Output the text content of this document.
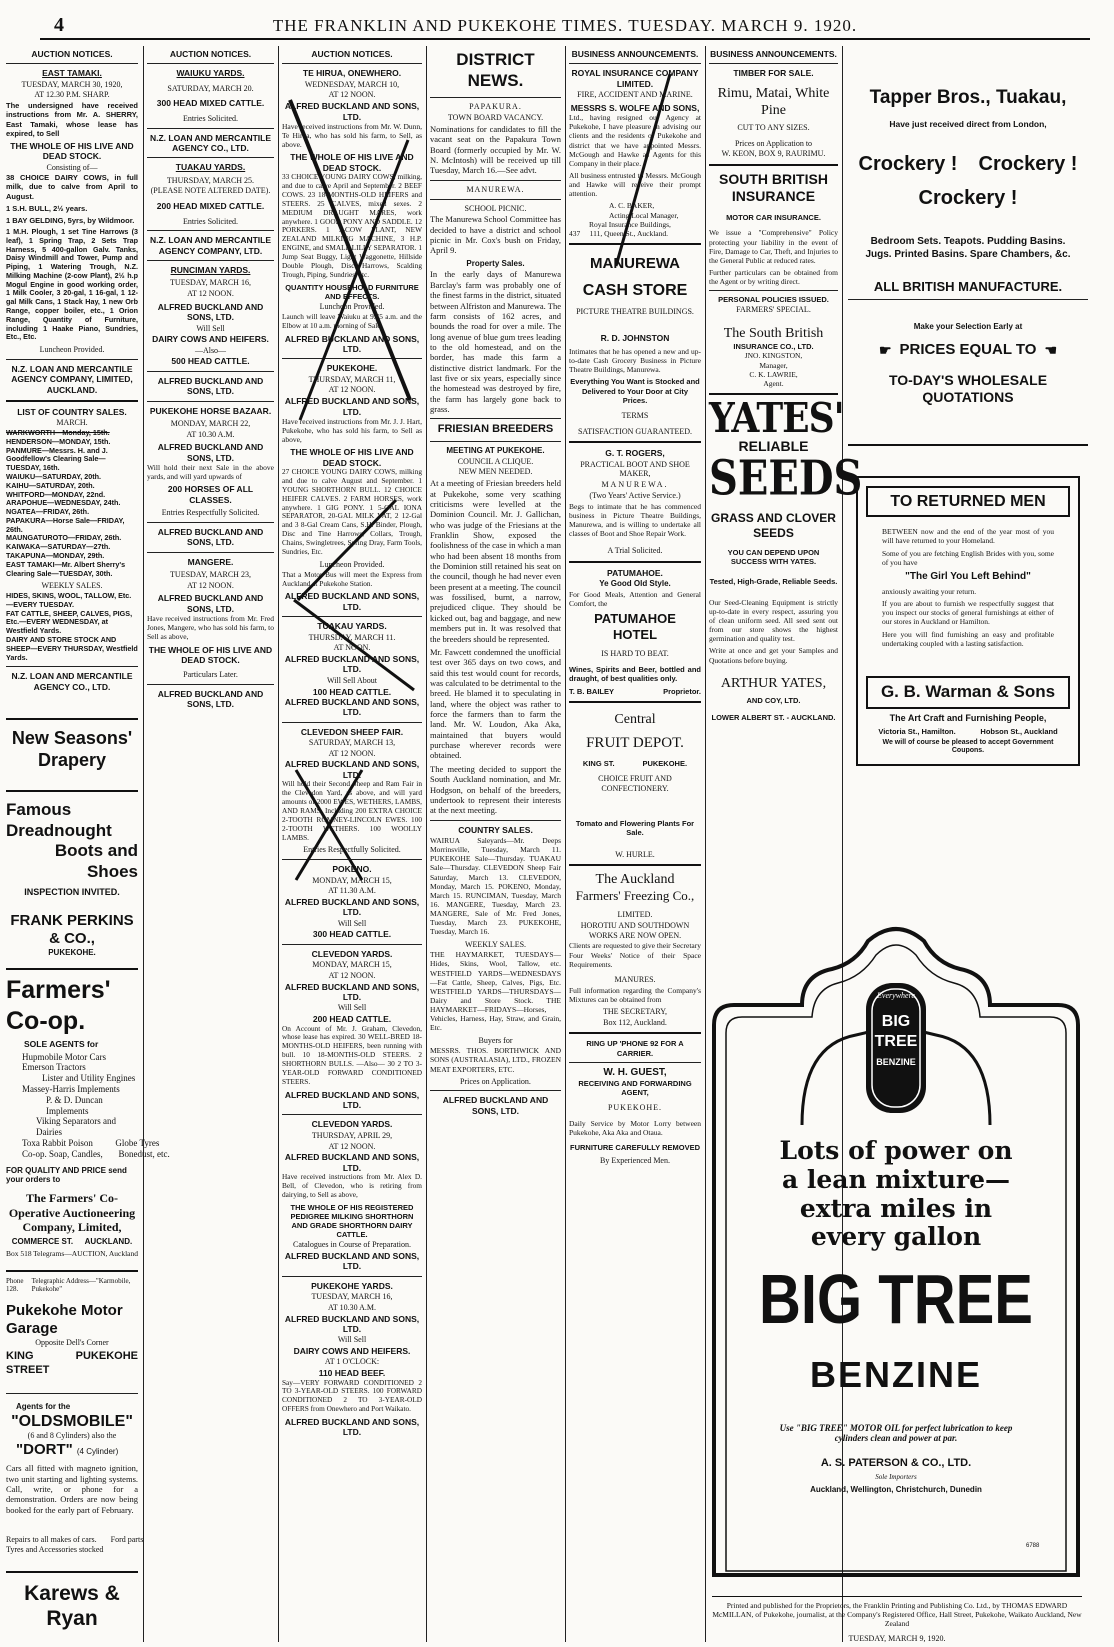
4	THE FRANKLIN AND PUKEKOHE TIMES. TUESDAY. MARCH 9. 1920.
AUCTION NOTICES.
EAST TAMAKI.
TUESDAY, MARCH 30, 1920,
AT 12.30 P.M. SHARP.

The undersigned have received instructions from Mr. A. SHERRY, East Tamaki, whose lease has expired, to Sell

THE WHOLE OF HIS LIVE AND DEAD STOCK.
Consisting of—

38 CHOICE DAIRY COWS, in full milk, due to calve from April to August.

1 S.H. BULL, 2½ years.

1 BAY GELDING, 5yrs, by Wildmoor.

1 M.H. Plough, 1 set Tine Harrows (3 leaf), 1 Spring Trap, 2 Sets Trap Harness, 5 400-gallon Galv. Tanks, Daisy Windmill and Tower, Pump and Piping, 1 Watering Trough, N.Z. Milking Machine (2-cow Plant), 2½ h.p Mogul Engine in good working order, 1 Milk Cooler, 3 20-gal, 1 16-gal, 1 12-gal Milk Cans, 1 Stack Hay, 1 new Orb Range, copper boiler, etc., 1 Orion Range, Quantity of Furniture, including 1 Haake Piano, Sundries, Etc., Etc.

Luncheon Provided.
N.Z. LOAN AND MERCANTILE AGENCY COMPANY, LIMITED, AUCKLAND.
LIST OF COUNTRY SALES.
MARCH.
WARKWORTH—Monday, 15th.
HENDERSON—MONDAY, 15th.
PANMURE—Messrs. H. and J. Goodfellow's Clearing Sale—TUESDAY, 16th.
WAIUKU—SATURDAY, 20th.
KAIHU—SATURDAY, 20th.
WHITFORD—MONDAY, 22nd.
ARAPOHUE—WEDNESDAY, 24th.
NGATEA—FRIDAY, 26th.
PAPAKURA—Horse Sale—FRIDAY, 26th.
MAUNGATUROTO—FRIDAY, 26th.
KAIWAKA—SATURDAY—27th.
TAKAPUNA—MONDAY, 29th.
EAST TAMAKI—Mr. Albert Sherry's Clearing Sale—TUESDAY, 30th.
WEEKLY SALES.
HIDES, SKINS, WOOL, TALLOW, Etc.—EVERY TUESDAY.
FAT CATTLE, SHEEP, CALVES, PIGS, Etc.—EVERY WEDNESDAY, at Westfield Yards.
DAIRY AND STORE STOCK AND SHEEP—EVERY THURSDAY, Westfield Yards.
N.Z. LOAN AND MERCANTILE AGENCY CO., LTD.
New Seasons' Drapery
Famous Dreadnought
Boots and Shoes
INSPECTION INVITED.
FRANK PERKINS & CO.,
PUKEKOHE.
Farmers' Co-op.
SOLE AGENTS for
Hupmobile Motor Cars Emerson Tractors
Lister and Utility Engines
Massey-Harris Implements
P. & D. Duncan Implements
Viking Separators and Dairies
Toxa Rabbit Poison          Globe Tyres
Co-op. Soap, Candles,       Bonedust, etc.
FOR QUALITY AND PRICE send your orders to
The Farmers' Co-Operative Auctioneering Company, Limited,
COMMERCE ST. AUCKLAND.
Box 518 Telegrams—AUCTION, Auckland
Phone 128.
Telegraphic Address—"Karmobile, Pukekohe"
Pukekohe Motor Garage
Opposite Dell's Corner
KING STREET
PUKEKOHE
Agents for the
"OLDSMOBILE"
(6 and 8 Cylinders) also the
"DORT" (4 Cylinder)

Cars all fitted with magneto ignition, two unit starting and lighting systems. Call, write, or phone for a demonstration. Orders are now being booked for the early part of February.

Repairs to all makes of cars.       Ford parts
Tyres and Accessories stocked
Karews & Ryan
AUCTION NOTICES.
WAIUKU YARDS.
SATURDAY, MARCH 20.
300 HEAD MIXED CATTLE.
Entries Solicited.
N.Z. LOAN AND MERCANTILE AGENCY CO., LTD.
TUAKAU YARDS.
THURSDAY, MARCH 25.
(PLEASE NOTE ALTERED DATE).
200 HEAD MIXED CATTLE.
Entries Solicited.
N.Z. LOAN AND MERCANTILE AGENCY COMPANY, LTD.
RUNCIMAN YARDS.
TUESDAY, MARCH 16,
AT 12 NOON.
ALFRED BUCKLAND AND SONS, LTD.
Will Sell
DAIRY COWS AND HEIFERS.
—Also—
500 HEAD CATTLE.
ALFRED BUCKLAND AND SONS, LTD.
PUKEKOHE HORSE BAZAAR.
MONDAY, MARCH 22,
AT 10.30 A.M.
ALFRED BUCKLAND AND SONS, LTD.

Will hold their next Sale in the above yards, and will yard upwards of

200 HORSES OF ALL CLASSES.
Entries Respectfully Solicited.
ALFRED BUCKLAND AND SONS, LTD.
MANGERE.
TUESDAY, MARCH 23,
AT 12 NOON.
ALFRED BUCKLAND AND SONS, LTD.

Have received instructions from Mr. Fred Jones, Mangere, who has sold his farm, to Sell as above,

THE WHOLE OF HIS LIVE AND DEAD STOCK.
Particulars Later.
ALFRED BUCKLAND AND SONS, LTD.
AUCTION NOTICES.
TE HIRUA, ONEWHERO.
WEDNESDAY, MARCH 10,
AT 12 NOON.
ALFRED BUCKLAND AND SONS, LTD.

Have received instructions from Mr. W. Dunn, Te Hirua, who has sold his farm, to Sell, as above.

THE WHOLE OF HIS LIVE AND DEAD STOCK.

33 CHOICE YOUNG DAIRY COWS, milking, and due to calve April and September. 2 BEEF COWS. 23 18-MONTHS-OLD HEIFERS and STEERS. 25 CALVES, mixed sexes. 2 MEDIUM DRAUGHT MARES, work anywhere. 1 GOOD PONY AND SADDLE. 12 PORKERS. 1 3-COW PLANT, NEW ZEALAND MILKING MACHINE, 3 H.P. ENGINE, and SMALL LILLY SEPARATOR. 1 Jump Seat Buggy, Light Waggonette, Hillside Double Plough, Disc Harrows, Scalding Trough, Piping, Sundries, etc.

QUANTITY HOUSEHOLD FURNITURE AND EFFECTS.
Luncheon Provided.

Launch will leave Waiuku at 9.45 a.m. and the Elbow at 10 a.m. morning of Sale.

ALFRED BUCKLAND AND SONS, LTD.
PUKEKOHE.
THURSDAY, MARCH 11,
AT 12 NOON.
ALFRED BUCKLAND AND SONS, LTD.

Have received instructions from Mr. J. J. Hart, Pukekohe, who has sold his farm, to Sell as above,

THE WHOLE OF HIS LIVE AND DEAD STOCK.

27 CHOICE YOUNG DAIRY COWS, milking and due to calve August and September. 1 YOUNG SHORTHORN BULL. 12 CHOICE HEIFER CALVES. 2 FARM HORSES, work anywhere. 1 GIG PONY. 1 5-GAL IONA SEPARATOR, 20-GAL MILK VAT, 2 12-Gal and 3 8-Gal Cream Cans, S.H. Binder, Plough, Disc and Tine Harrows, Collars, Trough, Chains, Swingletrees, Spring Dray, Farm Tools, Sundries, Etc.

Luncheon Provided.

That a Motor Bus will meet the Express from Auckland at Pukekohe Station.

ALFRED BUCKLAND AND SONS, LTD.
TUAKAU YARDS.
THURSDAY, MARCH 11.
AT NOON.
ALFRED BUCKLAND AND SONS, LTD.
Will Sell About
100 HEAD CATTLE.
ALFRED BUCKLAND AND SONS, LTD.
CLEVEDON SHEEP FAIR.
SATURDAY, MARCH 13,
AT 12 NOON.
ALFRED BUCKLAND AND SONS, LTD.

Will hold their Second Sheep and Ram Fair in the Clevedon Yard, as above, and will yard amounts of 2000 EWES, WETHERS, LAMBS, AND RAMS. Including 200 EXTRA CHOICE 2-TOOTH ROMNEY-LINCOLN EWES. 100 2-TOOTH WETHERS. 100 WOOLLY LAMBS.

Entries Respectfully Solicited.
POKENO.
MONDAY, MARCH 15,
AT 11.30 A.M.
ALFRED BUCKLAND AND SONS, LTD.
Will Sell
300 HEAD CATTLE.
CLEVEDON YARDS.
MONDAY, MARCH 15,
AT 12 NOON.
ALFRED BUCKLAND AND SONS, LTD.
Will Sell
200 HEAD CATTLE.

On Account of Mr. J. Graham, Clevedon, whose lease has expired. 30 WELL-BRED 18-MONTHS-OLD HEIFERS, been running with bull. 10 18-MONTHS-OLD STEERS. 2 SHORTHORN BULLS. —Also— 30 2 TO 3-YEAR-OLD FORWARD CONDITIONED STEERS.

ALFRED BUCKLAND AND SONS, LTD.
CLEVEDON YARDS.
THURSDAY, APRIL 29,
AT 12 NOON.
ALFRED BUCKLAND AND SONS, LTD.

Have received instructions from Mr. Alex D. Bell, of Clevedon, who is retiring from dairying, to Sell as above,

THE WHOLE OF HIS REGISTERED PEDIGREE MILKING SHORTHORN AND GRADE SHORTHORN DAIRY CATTLE.
Catalogues in Course of Preparation.
ALFRED BUCKLAND AND SONS, LTD.
PUKEKOHE YARDS.
TUESDAY, MARCH 16,
AT 10.30 A.M.
ALFRED BUCKLAND AND SONS, LTD.
Will Sell
DAIRY COWS AND HEIFERS.
AT 1 O'CLOCK:
110 HEAD BEEF.

Say—VERY FORWARD CONDITIONED 2 TO 3-YEAR-OLD STEERS. 100 FORWARD CONDITIONED 2 TO 3-YEAR-OLD OFFERS from Onewhero and Port Waikato.

ALFRED BUCKLAND AND SONS, LTD.
DISTRICT NEWS.
PAPAKURA.
TOWN BOARD VACANCY.

Nominations for candidates to fill the vacant seat on the Papakura Town Board (formerly occupied by Mr. W. N. McIntosh) will be received up till Tuesday, March 16.—See advt.

MANUREWA.
SCHOOL PICNIC.

The Manurewa School Committee has decided to have a district and school picnic in Mr. Cox's bush on Friday, April 9.

Property Sales.

In the early days of Manurewa Barclay's farm was probably one of the finest farms in the district, situated between Alfriston and Manurewa. The farm consists of 162 acres, and bounds the road for over a mile. The long avenue of blue gum trees leading to the old homestead, and on the border, has made this farm a distinctive district landmark. For the last five or six years, especially since the homestead was destroyed by fire, the farm has largely gone back to grass.

FRIESIAN BREEDERS
MEETING AT PUKEKOHE.
COUNCIL A CLIQUE.
NEW MEN NEEDED.

At a meeting of Friesian breeders held at Pukekohe, some very scathing criticisms were levelled at the Dominion Council. Mr. J. Gallichan, who was judge of the Friesians at the Franklin Show, exposed the foolishness of the case in which a man who had been absent 18 months from the Dominion still retained his seat on the council, though he had never even been present at a meeting. The council was fossilised, burnt, a narrow, prejudiced clique. They should be kicked out, bag and baggage, and new members put in. It was resolved that the breeders should be represented.

Mr. Fawcett condemned the unofficial test over 365 days on two cows, and said this test would count for records, was calculated to be detrimental to the breed. He blamed it to speculating in land, where the object was rather to force the farmers than to farm the land. Mr. W. Loudon, Aka Aka, maintained that buyers would purchase wherever records were obtained.

The meeting decided to support the South Auckland nomination, and Mr. Hodgson, on behalf of the breeders, undertook to represent their interests at the next meeting.

COUNTRY SALES.

WAIRUA Saleyards—Mr. Deeps Morrinsville, Tuesday, March 11. PUKEKOHE Sale—Thursday. TUAKAU Sale—Thursday. CLEVEDON Sheep Fair Saturday, March 13. CLEVEDON, Monday, March 15. POKENO, Monday, March 15. RUNCIMAN, Tuesday, March 16. MANGERE, Tuesday, March 23. MANGERE, Sale of Mr. Fred Jones, Tuesday, March 23. PUKEKOHE, Tuesday, March 16.

WEEKLY SALES.

THE HAYMARKET, TUESDAYS—Hides, Skins, Wool, Tallow, etc. WESTFIELD YARDS—WEDNESDAYS—Fat Cattle, Sheep, Calves, Pigs, Etc. WESTFIELD YARDS—THURSDAYS—Dairy and Store Stock. THE HAYMARKET—FRIDAYS—Horses, Vehicles, Harness, Hay, Straw, and Grain, Etc.

Buyers for

MESSRS. THOS. BORTHWICK AND SONS (AUSTRALASIA), LTD., FROZEN MEAT EXPORTERS, ETC.

Prices on Application.
ALFRED BUCKLAND AND SONS, LTD.
BUSINESS ANNOUNCEMENTS.
ROYAL INSURANCE COMPANY LIMITED.
FIRE, ACCIDENT AND MARINE.
MESSRS S. WOLFE AND SONS,

Ltd., having resigned our Agency at Pukekohe, I have pleasure in advising our clients and the residents of Pukekohe and district that we have appointed Messrs. McGough and Hawke as Agents for this Company in their place.

All business entrusted to Messrs. McGough and Hawke will receive their prompt attention.

A. C. BAKER,
Acting Local Manager,
Royal Insurance Buildings,
437     111, Queen St., Auckland.
MANUREWA
CASH STORE
PICTURE THEATRE BUILDINGS.
R. D. JOHNSTON

Intimates that he has opened a new and up-to-date Cash Grocery Business in Picture Theatre Buildings, Manurewa.

Everything You Want is Stocked and Delivered to Your Door at City Prices.
TERMS
SATISFACTION GUARANTEED.
G. T. ROGERS,
PRACTICAL BOOT AND SHOE MAKER,
MANUREWA.
(Two Years' Active Service.)

Begs to intimate that he has commenced business in Picture Theatre Buildings, Manurewa, and is willing to undertake all classes of Boot and Shoe Repair Work.

A Trial Solicited.
PATUMAHOE.
Ye Good Old Style.

For Good Meals, Attention and General Comfort, the

PATUMAHOE
HOTEL
IS HARD TO BEAT.

Wines, Spirits and Beer, bottled and draught, of best qualities only.

T. B. BAILEY	Proprietor.
Central
FRUIT DEPOT.
KING ST.	PUKEKOHE.
CHOICE FRUIT AND CONFECTIONERY.
Tomato and Flowering Plants For Sale.
W. HURLE.
The Auckland
Farmers' Freezing Co.,
LIMITED.
HOROTIU AND SOUTHDOWN WORKS ARE NOW OPEN.

Clients are requested to give their Secretary Four Weeks' Notice of their Space Requirements.

MANURES.

Full information regarding the Company's Mixtures can be obtained from

THE SECRETARY,
Box 112, Auckland.
RING UP 'PHONE 92 FOR A CARRIER.
W. H. GUEST,
RECEIVING AND FORWARDING AGENT,
PUKEKOHE.

Daily Service by Motor Lorry between Pukekohe, Aka Aka and Otaua.

FURNITURE CAREFULLY REMOVED
By Experienced Men.
BUSINESS ANNOUNCEMENTS.
TIMBER FOR SALE.
Rimu, Matai, White Pine
CUT TO ANY SIZES.
Prices on Application to
W. KEON, BOX 9, RAURIMU.
SOUTH BRITISH
INSURANCE
MOTOR CAR INSURANCE.

We issue a "Comprehensive" Policy protecting your liability in the event of Fire, Damage to Car, Theft, and Injuries to the General Public at reduced rates.

Further particulars can be obtained from the Agent or by writing direct.

PERSONAL POLICIES ISSUED.
FARMERS' SPECIAL.
The South British
INSURANCE CO., LTD.
JNO. KINGSTON,
Manager,
C. K. LAWRIE,
Agent.
YATES'
RELIABLE
SEEDS
GRASS AND CLOVER
SEEDS
YOU CAN DEPEND UPON SUCCESS WITH YATES.
Tested, High-Grade, Reliable Seeds.

Our Seed-Cleaning Equipment is strictly up-to-date in every respect, assuring you of clean uniform seed. All seed sent out from our store shows the highest germination and quality test.

Write at once and get your Samples and Quotations before buying.

ARTHUR YATES,
AND COY, LTD.
LOWER ALBERT ST. - AUCKLAND.
Tapper Bros., Tuakau,
Have just received direct from London,
Crockery ! Crockery !
Crockery !
Bedroom Sets. Teapots. Pudding Basins.
Jugs. Printed Basins. Spare Chambers, &c.
ALL BRITISH MANUFACTURE.
Make your Selection Early at
☛ PRICES EQUAL TO ☚
TO-DAY'S WHOLESALE QUOTATIONS
TO RETURNED MEN

BETWEEN now and the end of the year most of you will have returned to your Homeland.

Some of you are fetching English Brides with you, some of you have

"The Girl You Left Behind"

anxiously awaiting your return.

If you are about to furnish we respectfully suggest that you inspect our stocks of general furnishings at either of our stores in Auckland or Hamilton.

Here you will find furnishing an easy and profitable undertaking coupled with a lasting satisfaction.

G. B. Warman & Sons
The Art Craft and Furnishing People,
Victoria St., Hamilton.	Hobson St., Auckland
We will of course be pleased to accept Government Coupons.
Everywhere
BIG
TREE
BENZINE
Lots of power on
a lean mixture—
extra miles in
every gallon
BIG TREE
BENZINE
Use "BIG TREE" MOTOR OIL for perfect lubrication to keep cylinders clean and power at par.
A. S. PATERSON & CO., LTD.
Sole Importers
Auckland, Wellington, Christchurch, Dunedin
6788
Printed and published for the Proprietors, the Franklin Printing and Publishing Co. Ltd., by THOMAS EDWARD McMILLAN, of Pukekohe, journalist, at the Company's Registered Office, Hall Street, Pukekohe, Waikato Auckland, New Zealand
TUESDAY, MARCH 9, 1920.
